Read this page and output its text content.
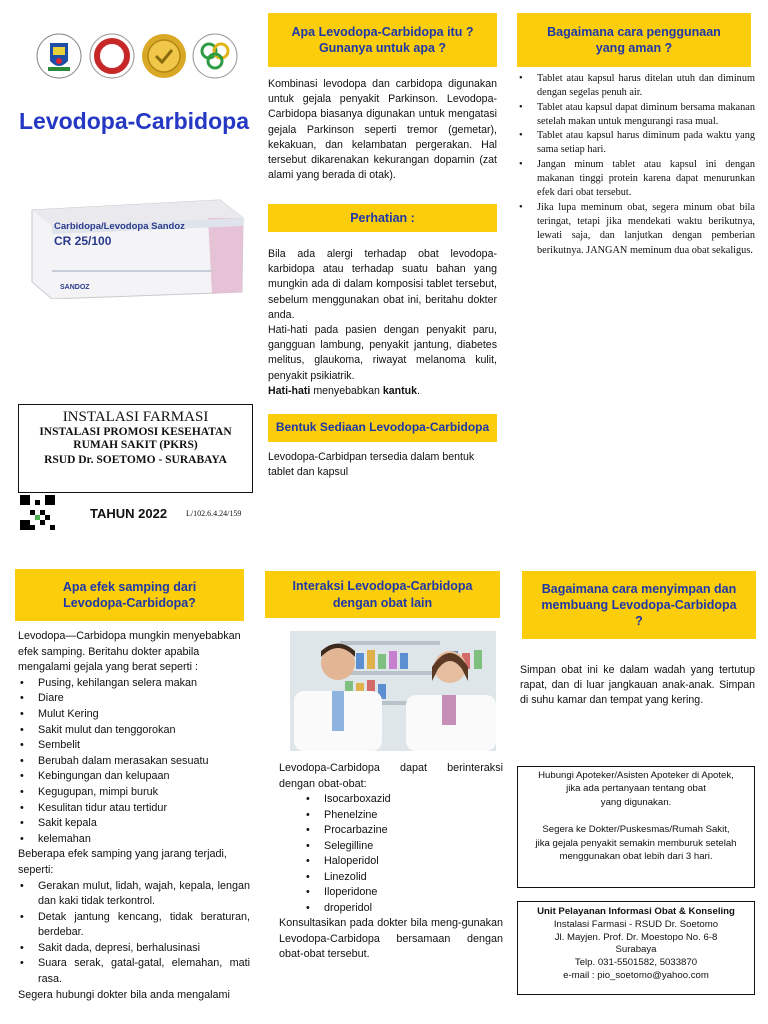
Levodopa-Carbidopa
Carbidopa/Levodopa Sandoz
CR 25/100
SANDOZ
INSTALASI FARMASI
INSTALASI PROMOSI KESEHATAN
RUMAH SAKIT (PKRS)
RSUD Dr. SOETOMO - SURABAYA
TAHUN 2022 L/102.6.4.24/159
Apa Levodopa-Carbidopa itu ? Gunanya untuk apa ?
Kombinasi levodopa dan carbidopa digunakan untuk gejala penyakit Parkinson. Levodopa-Carbidopa biasanya digunakan untuk mengatasi gejala Parkinson seperti tremor (gemetar), kekakuan, dan kelambatan pergerakan. Hal tersebut dikarenakan kekurangan dopamin (zat alami yang berada di otak).
Perhatian :
Bila ada alergi terhadap obat levodopa-karbidopa atau terhadap suatu bahan yang mungkin ada di dalam komposisi tablet tersebut, sebelum menggunakan obat ini, beritahu dokter anda.
Hati-hati pada pasien dengan penyakit paru, gangguan lambung, penyakit jantung, diabetes melitus, glaukoma, riwayat melanoma kulit, penyakit psikiatrik.
Hati-hati menyebabkan kantuk.
Bentuk Sediaan Levodopa-Carbidopa
Levodopa-Carbidpan tersedia dalam bentuk tablet dan kapsul
Bagaimana cara penggunaan yang aman ?
• Tablet atau kapsul harus ditelan utuh dan diminum dengan segelas penuh air.
• Tablet atau kapsul dapat diminum bersama makanan setelah makan untuk mengurangi rasa mual.
• Tablet atau kapsul harus diminum pada waktu yang sama setiap hari.
• Jangan minum tablet atau kapsul ini dengan makanan tinggi protein karena dapat menurunkan efek dari obat tersebut.
• Jika lupa meminum obat, segera minum obat bila teringat, tetapi jika mendekati waktu berikutnya, lewati saja, dan lanjutkan dengan pemberian berikutnya. JANGAN meminum dua obat sekaligus.
Apa efek samping dari Levodopa-Carbidopa?
Levodopa—Carbidopa mungkin menyebabkan efek samping. Beritahu dokter apabila mengalami gejala yang berat seperti :
• Pusing, kehilangan selera makan
• Diare
• Mulut Kering
• Sakit mulut dan tenggorokan
• Sembelit
• Berubah dalam merasakan sesuatu
• Kebingungan dan kelupaan
• Kegugupan, mimpi buruk
• Kesulitan tidur atau tertidur
• Sakit kepala
• kelemahan
Beberapa efek samping yang jarang terjadi, seperti:
• Gerakan mulut, lidah, wajah, kepala, lengan dan kaki tidak terkontrol.
• Detak jantung kencang, tidak beraturan, berdebar.
• Sakit dada, depresi, berhalusinasi
• Suara serak, gatal-gatal, elemahan, mati rasa.
Segera hubungi dokter bila anda mengalami
Interaksi Levodopa-Carbidopa dengan obat lain
Levodopa-Carbidopa dapat berinteraksi dengan obat-obat:
• Isocarboxazid
• Phenelzine
• Procarbazine
• Selegilline
• Haloperidol
• Linezolid
• Iloperidone
• droperidol
Konsultasikan pada dokter bila meng-gunakan Levodopa-Carbidopa bersamaan dengan obat-obat tersebut.
Bagaimana cara menyimpan dan membuang Levodopa-Carbidopa ?
Simpan obat ini ke dalam wadah yang tertutup rapat, dan di luar jangkauan anak-anak. Simpan di suhu kamar dan tempat yang kering.
Hubungi Apoteker/Asisten Apoteker di Apotek,
jika ada pertanyaan tentang obat
yang digunakan.
Segera ke Dokter/Puskesmas/Rumah Sakit,
jika gejala penyakit semakin memburuk setelah
menggunakan obat lebih dari 3 hari.
Unit Pelayanan Informasi Obat & Konseling
Instalasi Farmasi - RSUD Dr. Soetomo
Jl. Mayjen. Prof. Dr. Moestopo No. 6-8
Surabaya
Telp. 031-5501582, 5033870
e-mail : pio_soetomo@yahoo.com
